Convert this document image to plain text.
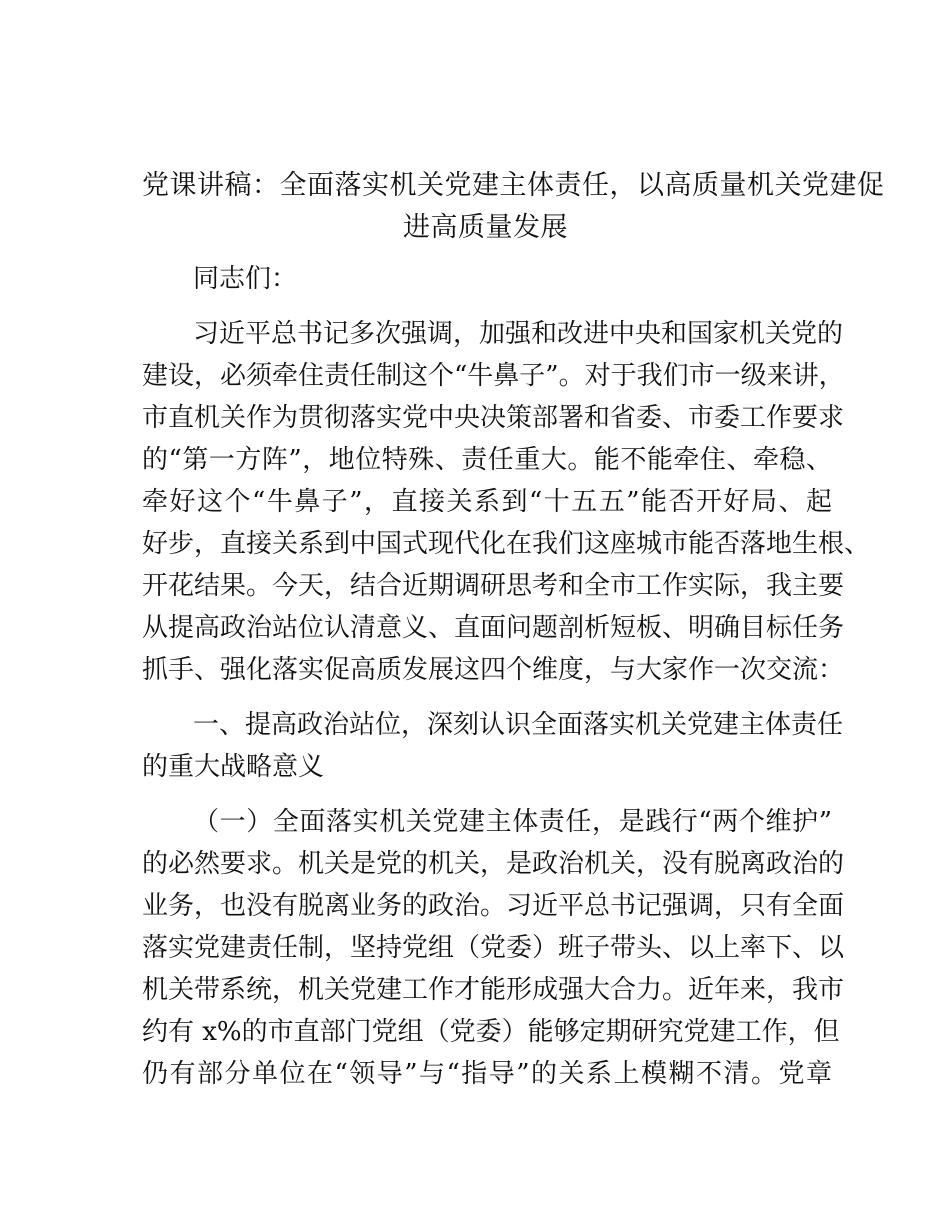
党课讲稿：全面落实机关党建主体责任，以高质量机关党建促
进高质量发展
同志们：
习近平总书记多次强调，加强和改进中央和国家机关党的
建设，必须牵住责任制这个“牛鼻子”。对于我们市一级来讲，
市直机关作为贯彻落实党中央决策部署和省委、市委工作要求
的“第一方阵”，地位特殊、责任重大。能不能牵住、牵稳、
牵好这个“牛鼻子”，直接关系到“十五五”能否开好局、起
好步，直接关系到中国式现代化在我们这座城市能否落地生根、
开花结果。今天，结合近期调研思考和全市工作实际，我主要
从提高政治站位认清意义、直面问题剖析短板、明确目标任务
抓手、强化落实促高质发展这四个维度，与大家作一次交流：
一、提高政治站位，深刻认识全面落实机关党建主体责任
的重大战略意义
（一）全面落实机关党建主体责任，是践行“两个维护”
的必然要求。机关是党的机关，是政治机关，没有脱离政治的
业务，也没有脱离业务的政治。习近平总书记强调，只有全面
落实党建责任制，坚持党组（党委）班子带头、以上率下、以
机关带系统，机关党建工作才能形成强大合力。近年来，我市
约有 x%的市直部门党组（党委）能够定期研究党建工作，但
仍有部分单位在“领导”与“指导”的关系上模糊不清。党章
